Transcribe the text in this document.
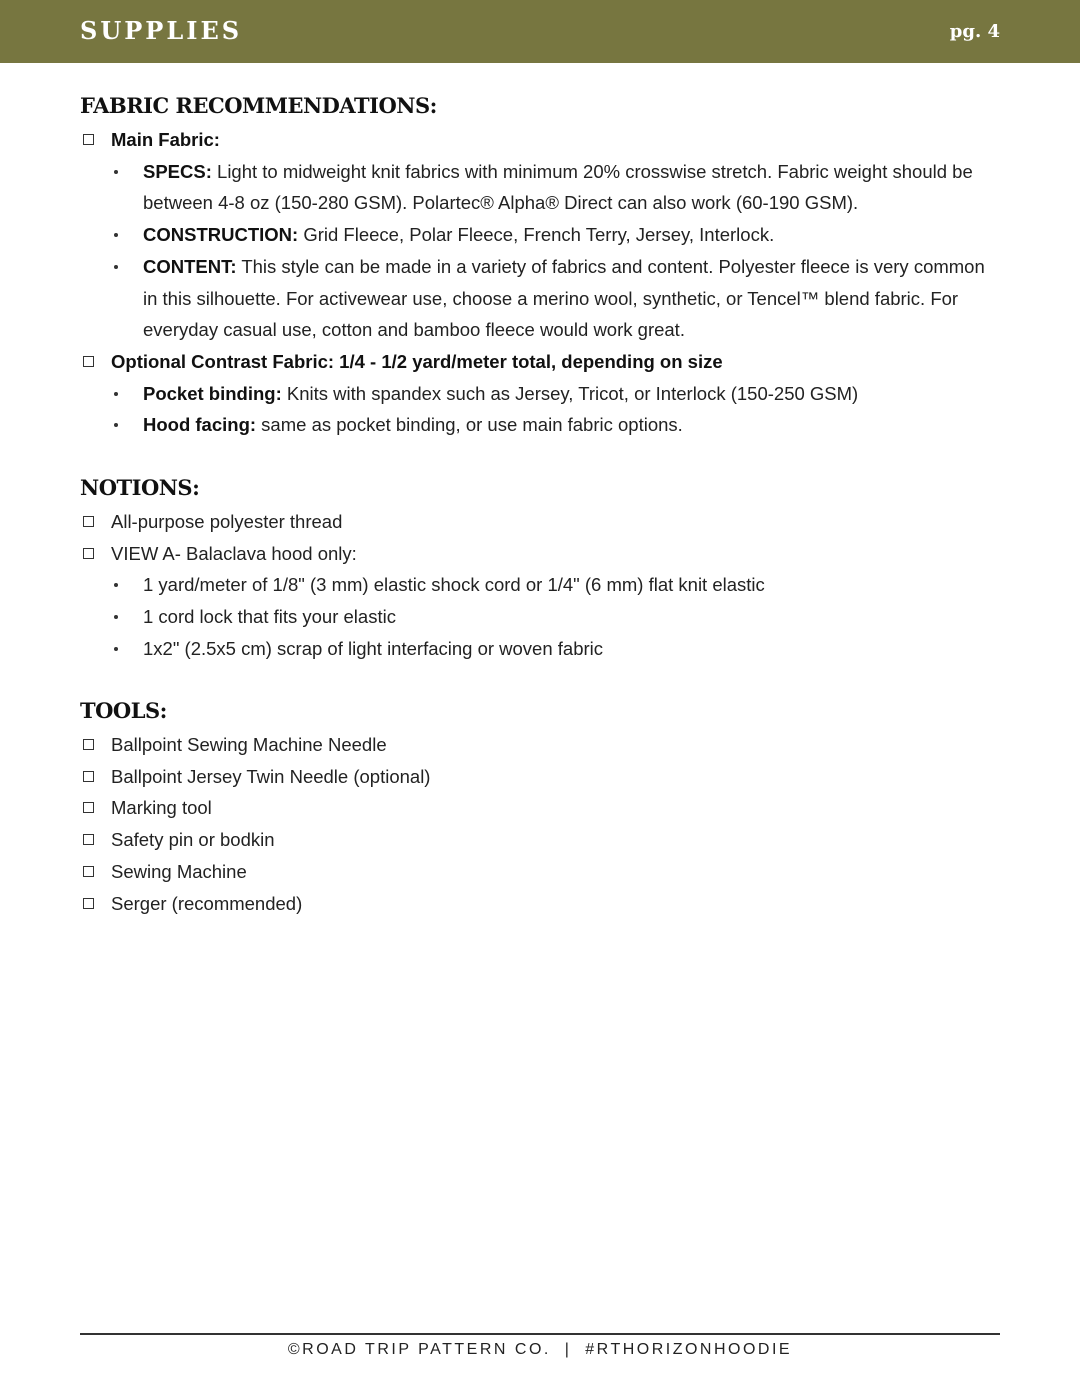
SUPPLIES	pg. 4
FABRIC RECOMMENDATIONS:
Main Fabric:
SPECS: Light to midweight knit fabrics with minimum 20% crosswise stretch. Fabric weight should be between 4-8 oz (150-280 GSM). Polartec® Alpha® Direct can also work (60-190 GSM).
CONSTRUCTION: Grid Fleece, Polar Fleece, French Terry, Jersey, Interlock.
CONTENT: This style can be made in a variety of fabrics and content. Polyester fleece is very common in this silhouette. For activewear use, choose a merino wool, synthetic, or Tencel™ blend fabric. For everyday casual use, cotton and bamboo fleece would work great.
Optional Contrast Fabric: 1/4 - 1/2 yard/meter total, depending on size
Pocket binding: Knits with spandex such as Jersey, Tricot, or Interlock (150-250 GSM)
Hood facing: same as pocket binding, or use main fabric options.
NOTIONS:
All-purpose polyester thread
VIEW A- Balaclava hood only:
1 yard/meter of 1/8" (3 mm) elastic shock cord or 1/4" (6 mm) flat knit elastic
1 cord lock that fits your elastic
1x2" (2.5x5 cm) scrap of light interfacing or woven fabric
TOOLS:
Ballpoint Sewing Machine Needle
Ballpoint Jersey Twin Needle (optional)
Marking tool
Safety pin or bodkin
Sewing Machine
Serger (recommended)
©ROAD TRIP PATTERN CO.  |  #RTHORIZONHOODIE
